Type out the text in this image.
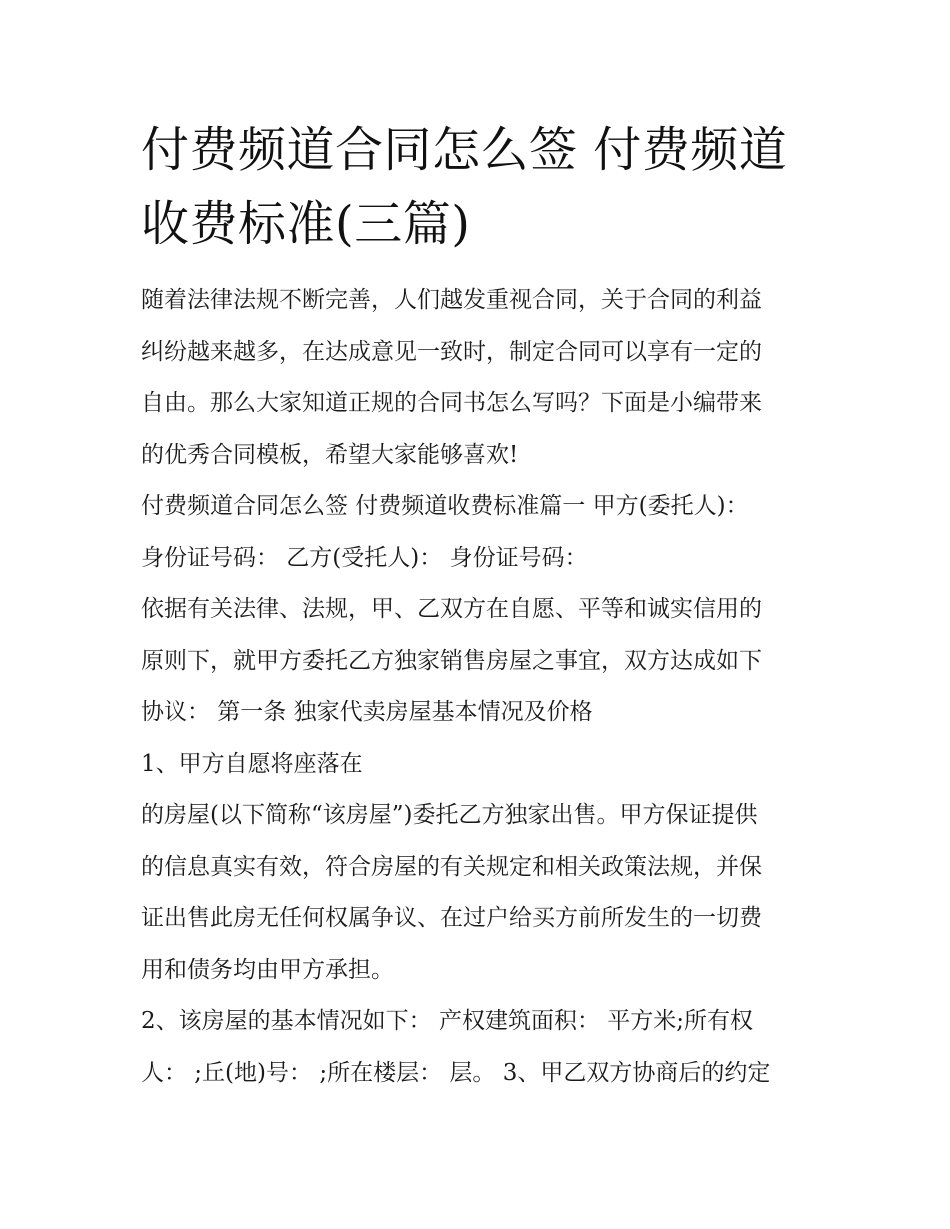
付费频道合同怎么签 付费频道
收费标准(三篇)
随着法律法规不断完善，人们越发重视合同，关于合同的利益
纠纷越来越多，在达成意见一致时，制定合同可以享有一定的
自由。那么大家知道正规的合同书怎么写吗？下面是小编带来
的优秀合同模板，希望大家能够喜欢!
付费频道合同怎么签 付费频道收费标准篇一 甲方(委托人)：
身份证号码： 乙方(受托人)： 身份证号码：
依据有关法律、法规，甲、乙双方在自愿、平等和诚实信用的
原则下，就甲方委托乙方独家销售房屋之事宜，双方达成如下
协议： 第一条 独家代卖房屋基本情况及价格
1、甲方自愿将座落在
的房屋(以下简称“该房屋”)委托乙方独家出售。甲方保证提供
的信息真实有效，符合房屋的有关规定和相关政策法规，并保
证出售此房无任何权属争议、在过户给买方前所发生的一切费
用和债务均由甲方承担。
2、该房屋的基本情况如下： 产权建筑面积： 平方米;所有权
人： ;丘(地)号： ;所在楼层： 层。 3、甲乙双方协商后的约定
